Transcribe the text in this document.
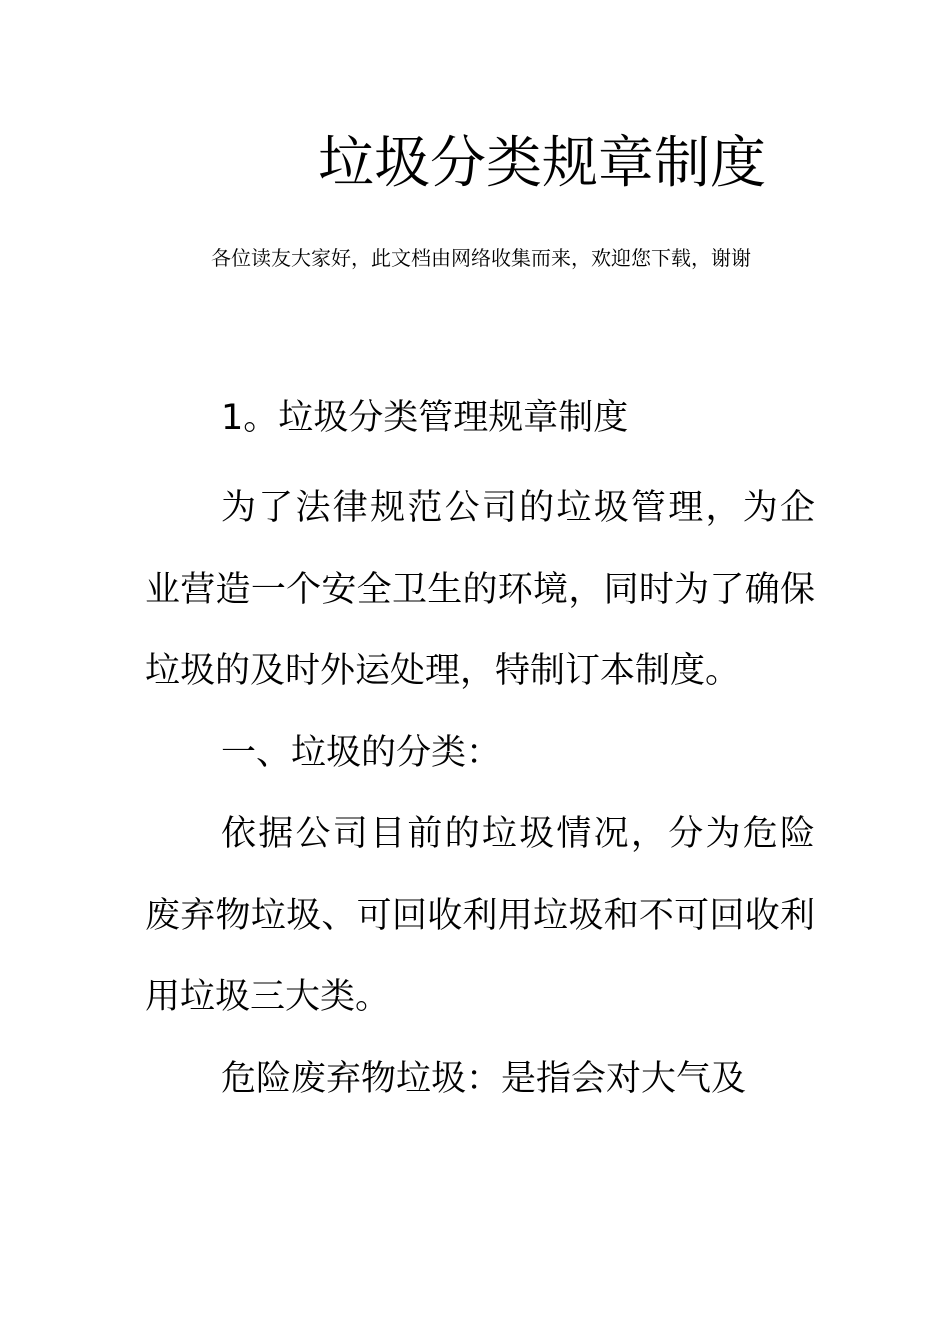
垃圾分类规章制度
各位读友大家好，此文档由网络收集而来，欢迎您下载，谢谢

1。垃圾分类管理规章制度

为了法律规范公司的垃圾管理，为企业营造一个安全卫生的环境，同时为了确保垃圾的及时外运处理，特制订本制度。

一、垃圾的分类：

依据公司目前的垃圾情况，分为危险废弃物垃圾、可回收利用垃圾和不可回收利用垃圾三大类。

危险废弃物垃圾：是指会对大气及
